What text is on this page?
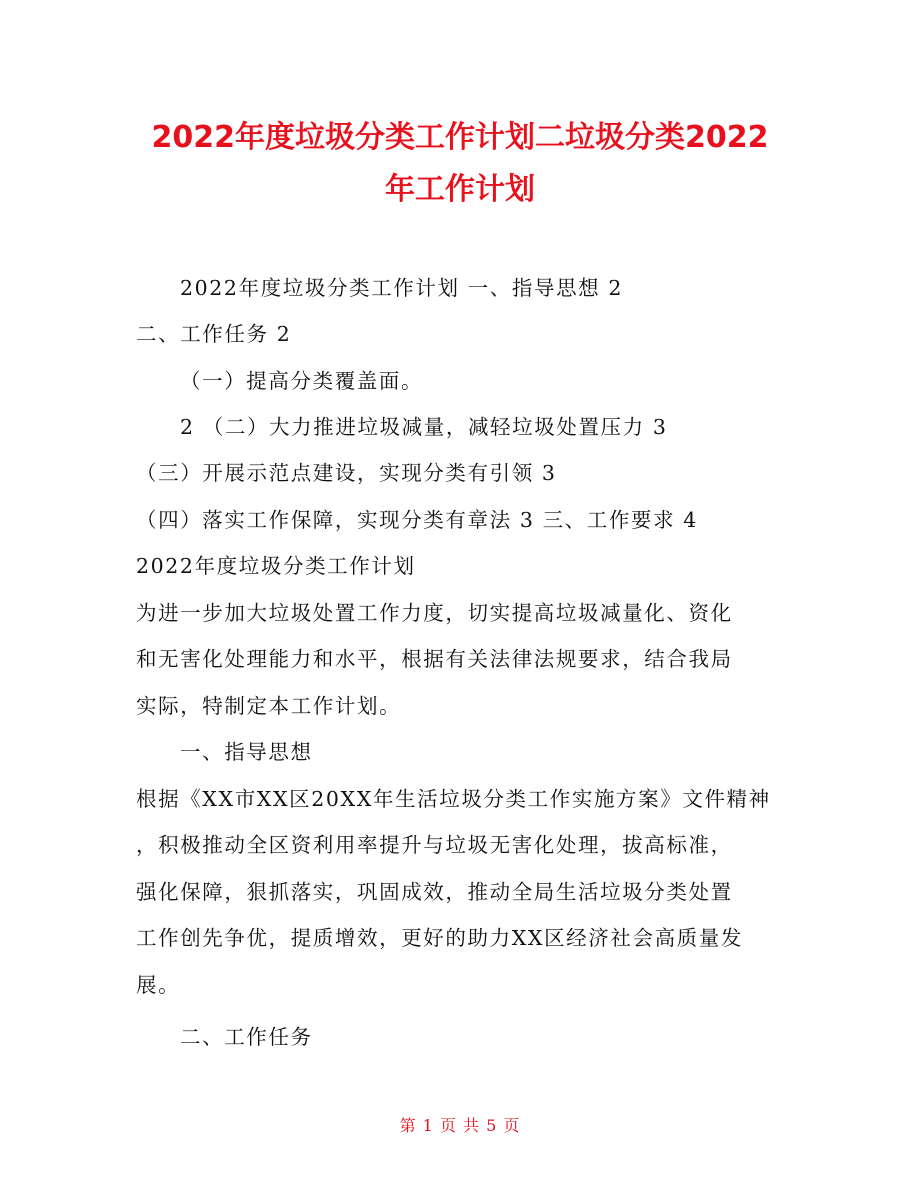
2022年度垃圾分类工作计划二垃圾分类2022
年工作计划
2022年度垃圾分类工作计划 一、指导思想 2
二、工作任务 2
（一）提高分类覆盖面。
2 （二）大力推进垃圾减量，减轻垃圾处置压力 3
（三）开展示范点建设，实现分类有引领 3
（四）落实工作保障，实现分类有章法 3 三、工作要求 4
2022年度垃圾分类工作计划
为进一步加大垃圾处置工作力度，切实提高垃圾减量化、资化
和无害化处理能力和水平，根据有关法律法规要求，结合我局
实际，特制定本工作计划。
一、指导思想
根据《XX市XX区20XX年生活垃圾分类工作实施方案》文件精神
，积极推动全区资利用率提升与垃圾无害化处理，拔高标准，
强化保障，狠抓落实，巩固成效，推动全局生活垃圾分类处置
工作创先争优，提质增效，更好的助力XX区经济社会高质量发
展。
二、工作任务
第 1 页 共 5 页
